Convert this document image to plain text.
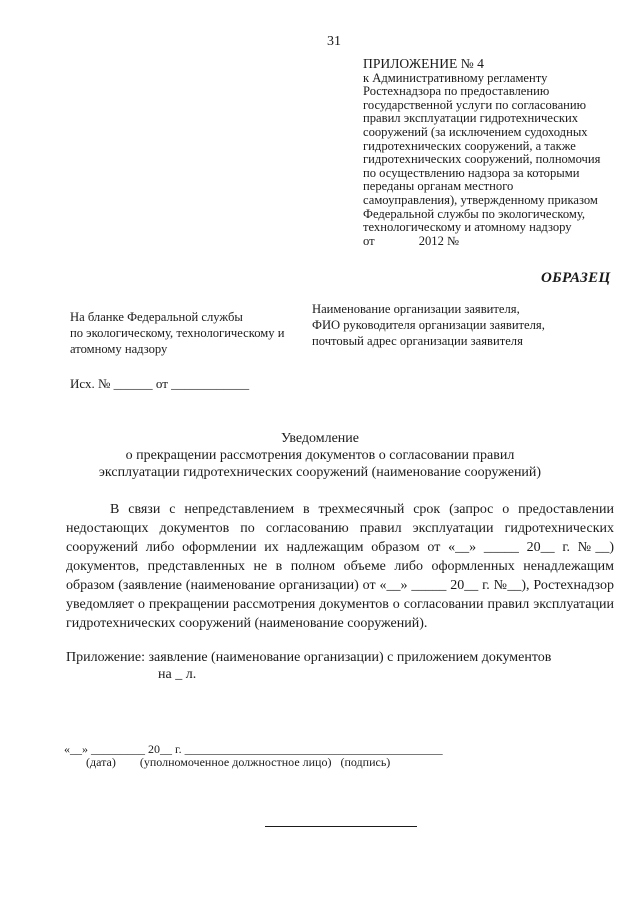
31
ПРИЛОЖЕНИЕ № 4
к Административному регламенту
Ростехнадзора по предоставлению
государственной услуги по согласованию
правил эксплуатации гидротехнических
сооружений (за исключением судоходных
гидротехнических сооружений, а также
гидротехнических сооружений, полномочия
по осуществлению надзора за которыми
переданы органам местного
самоуправления), утвержденному приказом
Федеральной службы по экологическому,
технологическому и атомному надзору
от              2012 №
ОБРАЗЕЦ
На бланке Федеральной службы
по экологическому, технологическому и
атомному надзору
Наименование организации заявителя,
ФИО руководителя организации заявителя,
почтовый адрес организации заявителя
Исх. № ______ от ____________
Уведомление
о прекращении рассмотрения документов о согласовании правил эксплуатации гидротехнических сооружений (наименование сооружений)
В связи с непредставлением в трехмесячный срок (запрос о предоставлении недостающих документов по согласованию правил эксплуатации гидротехнических сооружений либо оформлении их надлежащим образом от «__» _____ 20__ г. №__) документов, представленных не в полном объеме либо оформленных ненадлежащим образом (заявление (наименование организации) от «__» _____ 20__ г. №__), Ростехнадзор уведомляет о прекращении рассмотрения документов о согласовании правил эксплуатации гидротехнических сооружений (наименование сооружений).
Приложение: заявление (наименование организации) с приложением документов
на _ л.
«__» _________ 20__ г. ___________________________________________
(дата)        (уполномоченное должностное лицо)   (подпись)
